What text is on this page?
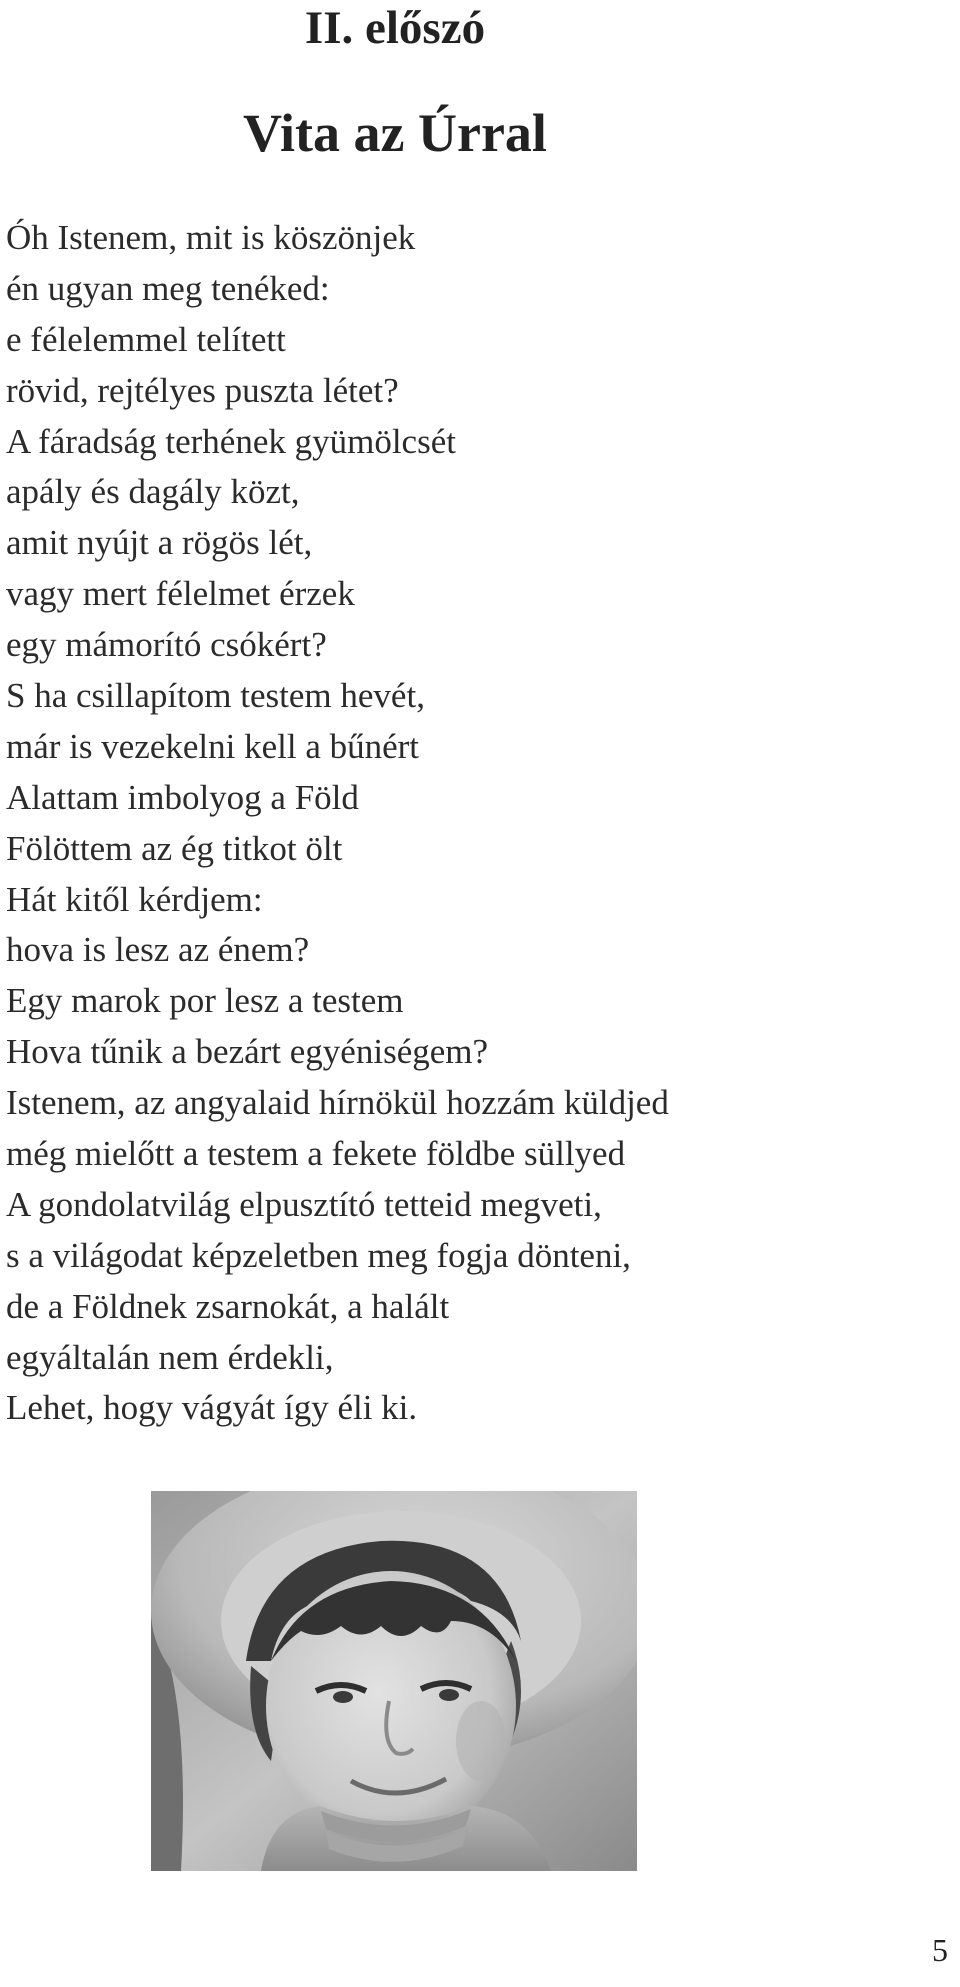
II. előszó
Vita az Úrral
Óh Istenem, mit is köszönjek
én ugyan meg tenéked:
e félelemmel telített
rövid, rejtélyes puszta létet?
A fáradság terhének gyümölcsét
apály és dagály közt,
amit nyújt a rögös lét,
vagy mert félelmet érzek
egy mámorító csókért?
S ha csillapítom testem hevét,
már is vezekelni kell a bűnért
Alattam imbolyog a Föld
Fölöttem az ég titkot ölt
Hát kitől kérdjem:
hova is lesz az énem?
Egy marok por lesz a testem
Hova tűnik a bezárt egyéniségem?
Istenem, az angyalaid hírnökül hozzám küldjed
még mielőtt a testem a fekete földbe süllyed
A gondolatvilág elpusztító tetteid megveti,
s a világodat képzeletben meg fogja dönteni,
de a Földnek zsarnokát, a halált
egyáltalán nem érdekli,
Lehet, hogy vágyát így éli ki.
5
